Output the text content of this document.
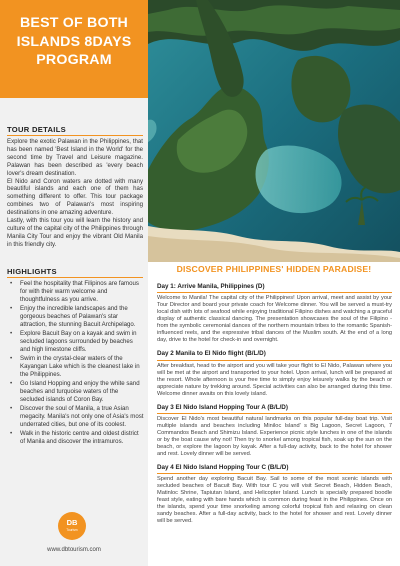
BEST OF BOTH
ISLANDS 8DAYS
PROGRAM
TOUR DETAILS

Explore the exotic Palawan in the Philippines, that has been named 'Best Island in the World' for the second time by Travel and Leisure magazine. Palawan has been described as 'every beach lover's dream destination.

El Nido and Coron waters are dotted with many beautiful islands and each one of them has something different to offer. This tour package combines two of Palawan's most inspiring destinations in one amazing adventure.

Lastly, with this tour you will learn the history and culture of the capital city of the Philippines through Manila City Tour and enjoy the vibrant Old Manila in this friendly city.

HIGHLIGHTS
• Feel the hospitality that Filipinos are famous for with their warm welcome and thoughtfulness as you arrive.
• Enjoy the incredible landscapes and the gorgeous beaches of Palawan's star attraction, the stunning Bacuit Archipelago.
• Explore Bacuit Bay on a kayak and swim in secluded lagoons surrounded by beaches and high limestone cliffs.
• Swim in the crystal-clear waters of the Kayangan Lake which is the cleanest lake in the Philippines.
• Go Island Hopping and enjoy the white sand beaches and turquoise waters of the secluded islands of Coron Bay.
• Discover the soul of Manila, a true Asian megacity. Manila's not only one of Asia's most underrated cities, but one of its coolest.
• Walk in the historic centre and oldest district of Manila and discover the intramuros.
DB
Tourism
www.dbtourism.com
DISCOVER PHILIPPINES' HIDDEN PARADISE!
Day 1: Arrive Manila, Philippines (D)
Welcome to Manila! The capital city of the Philippines! Upon arrival, meet and assist by your Tour Director and board your private coach for Welcome dinner. You will be served a must-try local dish with lots of seafood while enjoying traditional Filipino dishes and watching a graceful display of authentic classical dancing. The presentation showcases the soul of the Filipino - from the symbolic ceremonial dances of the northern mountain tribes to the romantic Spanish-influenced reels, and the expressive tribal dances of the Muslim south. At the end of a long day, drive to the hotel for check-in and overnight.
Day 2 Manila to El Nido flight (B/L/D)
After breakfast, head to the airport and you will take your flight to El Nido, Palawan where you will be met at the airport and transported to your hotel. Upon arrival, lunch will be prepared at the resort. Whole afternoon is your free time to simply enjoy leisurely walks by the beach or appreciate nature by trekking around. Special activities can also be arranged during this time. Welcome dinner awaits on this lovely island.
Day 3 El Nido Island Hopping Tour A (B/L/D)
Discover El Nido's most beautiful natural landmarks on this popular full-day boat trip. Visit multiple islands and beaches including Miniloc Island' s Big Lagoon, Secret Lagoon, 7 Commandos Beach and Shimizu Island. Experience picnic style lunches in one of the islands or by the boat cause why not! Then try to snorkel among tropical fish, soak up the sun on the beach, or explore the lagoon by kayak. After a full-day activity, back to the hotel for shower and rest. Lovely dinner will be served.
Day 4 El Nido Island Hopping Tour C (B/L/D)
Spend another day exploring Bacuit Bay. Sail to some of the most scenic islands with secluded beaches of Bacuit Bay. With tour C you will visit Secret Beach, Hidden Beach, Matinloc Shrine, Tapiutan Island, and Helicopter Island. Lunch is specially prepared boodle feast style, eating with bare hands which is common during feast in the Philippines. Once on the islands, spend your time snorkeling among colorful tropical fish and relaxing on clean sandy beaches. After a full-day activity, back to the hotel for shower and rest. Lovely dinner will be served.
